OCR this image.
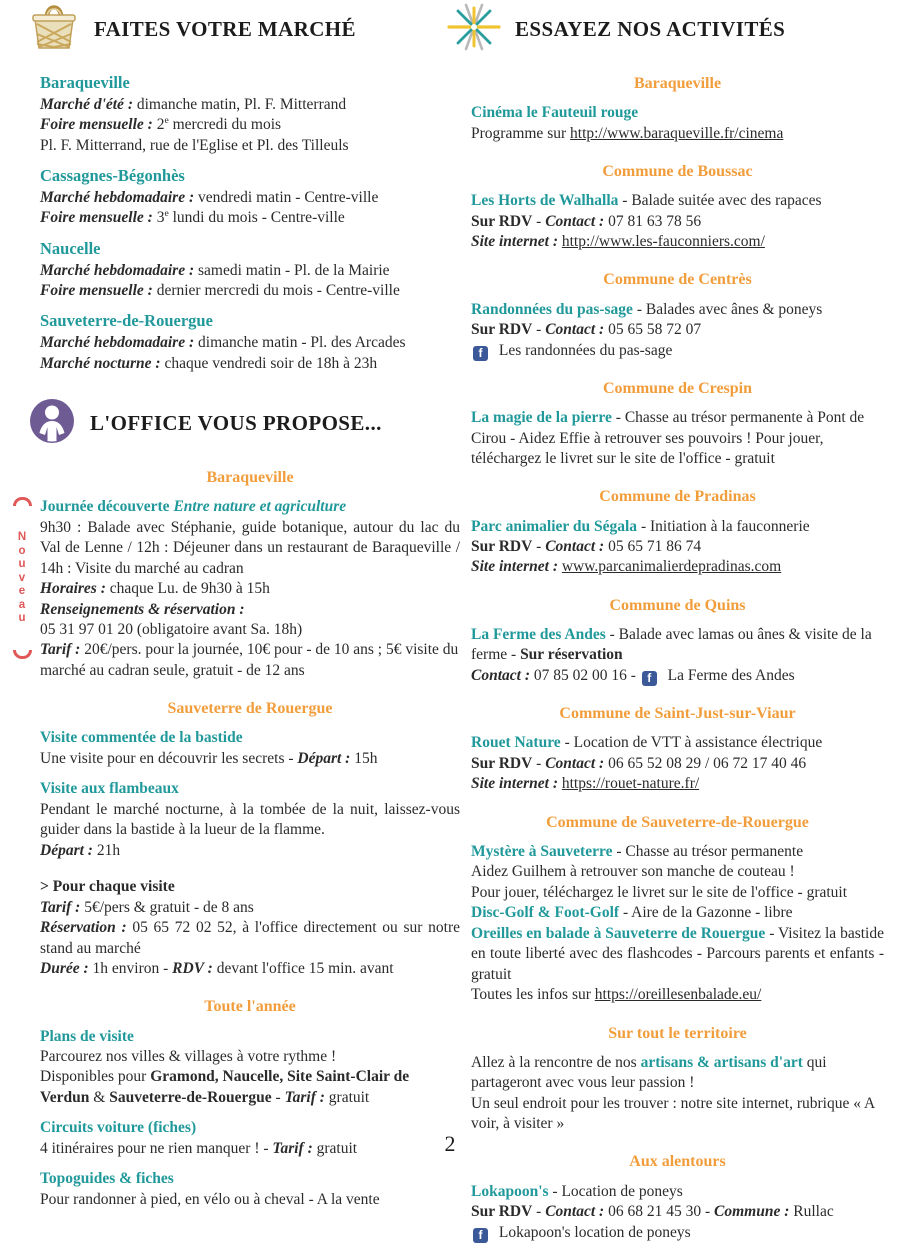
FAITES VOTRE MARCHÉ
Baraqueville
Marché d'été : dimanche matin, Pl. F. Mitterrand
Foire mensuelle : 2e mercredi du mois
Pl. F. Mitterrand, rue de l'Eglise et Pl. des Tilleuls
Cassagnes-Bégonhès
Marché hebdomadaire : vendredi matin - Centre-ville
Foire mensuelle : 3e lundi du mois - Centre-ville
Naucelle
Marché hebdomadaire : samedi matin - Pl. de la Mairie
Foire mensuelle : dernier mercredi du mois - Centre-ville
Sauveterre-de-Rouergue
Marché hebdomadaire : dimanche matin - Pl. des Arcades
Marché nocturne : chaque vendredi soir de 18h à 23h
L'OFFICE VOUS PROPOSE...
Baraqueville
N
o
u
v
e
a
u
Journée découverte Entre nature et agriculture
9h30 : Balade avec Stéphanie, guide botanique, autour du lac du Val de Lenne / 12h : Déjeuner dans un restaurant de Baraqueville / 14h : Visite du marché au cadran
Horaires : chaque Lu. de 9h30 à 15h
Renseignements & réservation :
05 31 97 01 20 (obligatoire avant Sa. 18h)
Tarif : 20€/pers. pour la journée, 10€ pour - de 10 ans ; 5€ visite du marché au cadran seule, gratuit - de 12 ans
Sauveterre de Rouergue
Visite commentée de la bastide
Une visite pour en découvrir les secrets - Départ : 15h
Visite aux flambeaux
Pendant le marché nocturne, à la tombée de la nuit, laissez-vous guider dans la bastide à la lueur de la flamme.
Départ : 21h
> Pour chaque visite
Tarif : 5€/pers & gratuit - de 8 ans
Réservation : 05 65 72 02 52, à l'office directement ou sur notre stand au marché
Durée : 1h environ - RDV : devant l'office 15 min. avant
Toute l'année
Plans de visite
Parcourez nos villes & villages à votre rythme !
Disponibles pour Gramond, Naucelle, Site Saint-Clair de Verdun & Sauveterre-de-Rouergue - Tarif : gratuit
Circuits voiture (fiches)
4 itinéraires pour ne rien manquer ! - Tarif : gratuit
Topoguides & fiches
Pour randonner à pied, en vélo ou à cheval - A la vente
ESSAYEZ NOS ACTIVITÉS
Baraqueville
Cinéma le Fauteuil rouge
Programme sur http://www.baraqueville.fr/cinema
Commune de Boussac
Les Horts de Walhalla - Balade suitée avec des rapaces
Sur RDV - Contact : 07 81 63 78 56
Site internet : http://www.les-fauconniers.com/
Commune de Centrès
Randonnées du pas-sage - Balades avec ânes & poneys
Sur RDV - Contact : 05 65 58 72 07
f Les randonnées du pas-sage
Commune de Crespin
La magie de la pierre - Chasse au trésor permanente à Pont de Cirou - Aidez Effie à retrouver ses pouvoirs ! Pour jouer, téléchargez le livret sur le site de l'office - gratuit
Commune de Pradinas
Parc animalier du Ségala - Initiation à la fauconnerie
Sur RDV - Contact : 05 65 71 86 74
Site internet : www.parcanimalierdepradinas.com
Commune de Quins
La Ferme des Andes - Balade avec lamas ou ânes & visite de la ferme - Sur réservation
Contact : 07 85 02 00 16 - f La Ferme des Andes
Commune de Saint-Just-sur-Viaur
Rouet Nature - Location de VTT à assistance électrique
Sur RDV - Contact : 06 65 52 08 29 / 06 72 17 40 46
Site internet : https://rouet-nature.fr/
Commune de Sauveterre-de-Rouergue
Mystère à Sauveterre - Chasse au trésor permanente
Aidez Guilhem à retrouver son manche de couteau !
Pour jouer, téléchargez le livret sur le site de l'office - gratuit
Disc-Golf & Foot-Golf - Aire de la Gazonne - libre
Oreilles en balade à Sauveterre de Rouergue - Visitez la bastide en toute liberté avec des flashcodes - Parcours parents et enfants - gratuit
Toutes les infos sur https://oreillesenbalade.eu/
Sur tout le territoire
Allez à la rencontre de nos artisans & artisans d'art qui partageront avec vous leur passion !
Un seul endroit pour les trouver : notre site internet, rubrique « A voir, à visiter »
Aux alentours
Lokapoon's - Location de poneys
Sur RDV - Contact : 06 68 21 45 30 - Commune : Rullac
f Lokapoon's location de poneys
2
